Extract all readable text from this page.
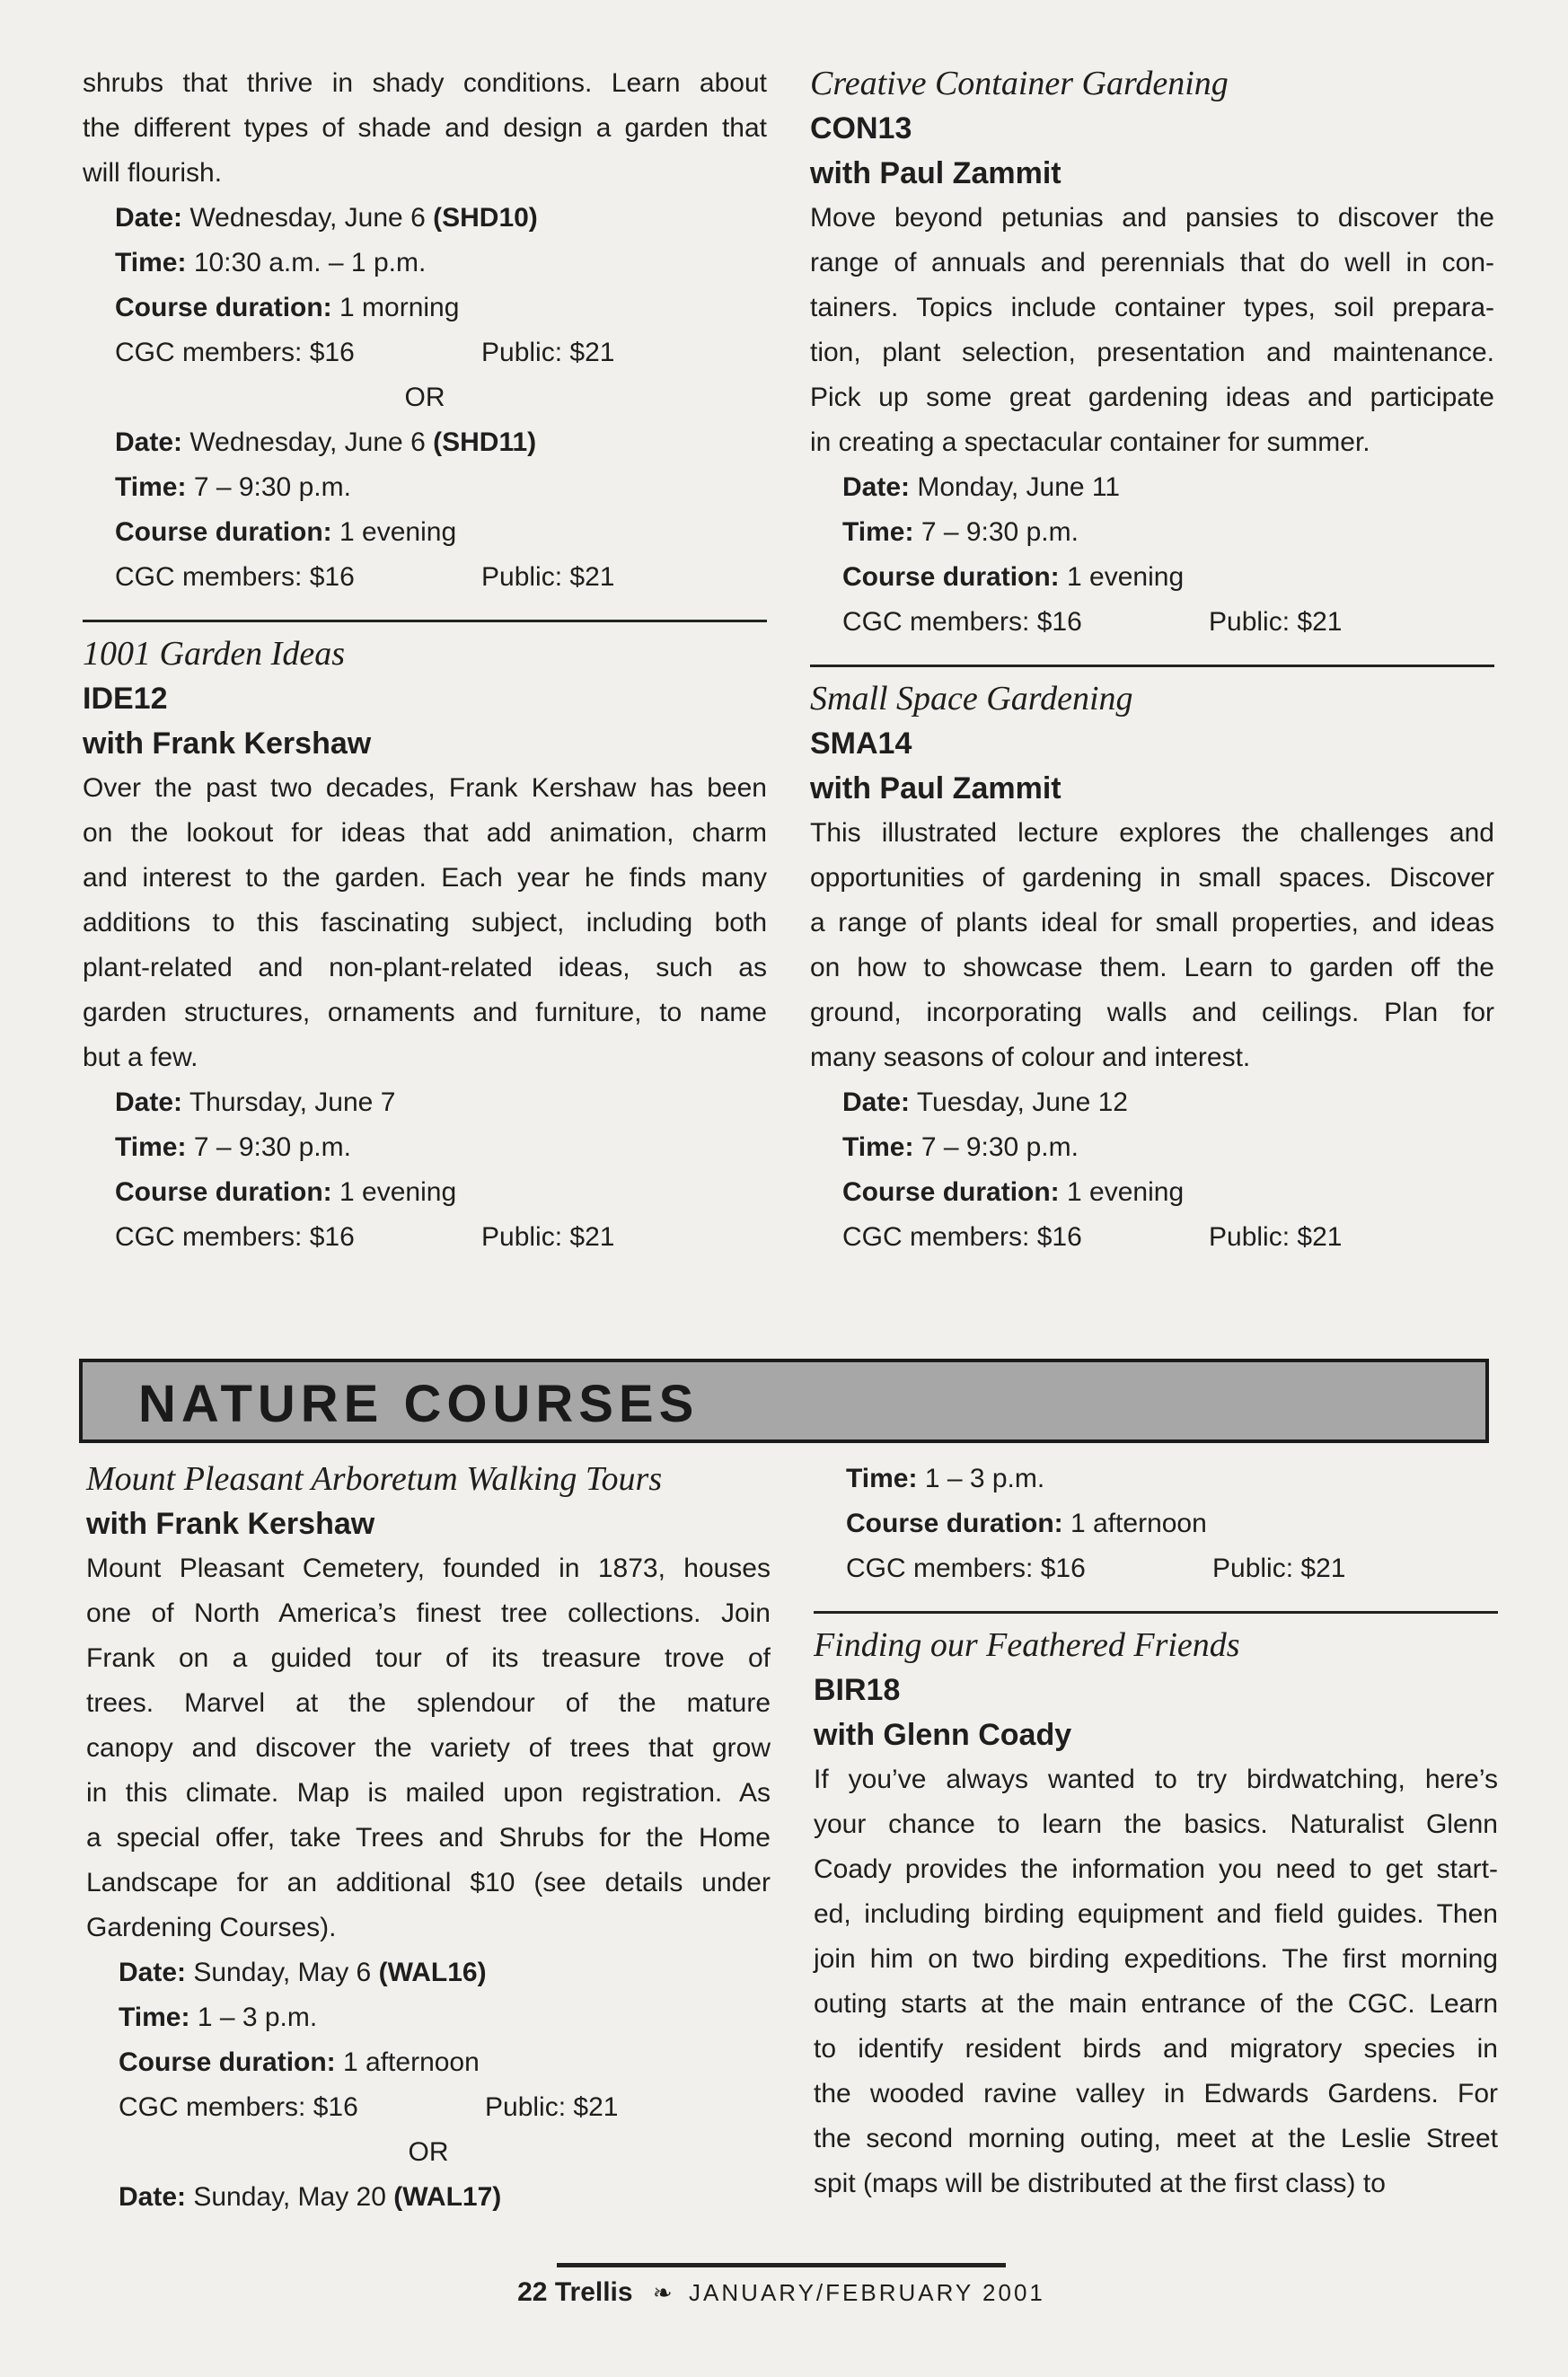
shrubs that thrive in shady conditions. Learn about
the different types of shade and design a garden that
will flourish.
Date: Wednesday, June 6 (SHD10)
Time: 10:30 a.m. – 1 p.m.
Course duration: 1 morning
CGC members: $16	Public: $21
OR
Date: Wednesday, June 6 (SHD11)
Time: 7 – 9:30 p.m.
Course duration: 1 evening
CGC members: $16	Public: $21
1001 Garden Ideas
IDE12
with Frank Kershaw
Over the past two decades, Frank Kershaw has been
on the lookout for ideas that add animation, charm
and interest to the garden. Each year he finds many
additions to this fascinating subject, including both
plant-related and non-plant-related ideas, such as
garden structures, ornaments and furniture, to name
but a few.
Date: Thursday, June 7
Time: 7 – 9:30 p.m.
Course duration: 1 evening
CGC members: $16	Public: $21
Creative Container Gardening
CON13
with Paul Zammit
Move beyond petunias and pansies to discover the
range of annuals and perennials that do well in con-
tainers. Topics include container types, soil prepara-
tion, plant selection, presentation and maintenance.
Pick up some great gardening ideas and participate
in creating a spectacular container for summer.
Date: Monday, June 11
Time: 7 – 9:30 p.m.
Course duration: 1 evening
CGC members: $16	Public: $21
Small Space Gardening
SMA14
with Paul Zammit
This illustrated lecture explores the challenges and
opportunities of gardening in small spaces. Discover
a range of plants ideal for small properties, and ideas
on how to showcase them. Learn to garden off the
ground, incorporating walls and ceilings. Plan for
many seasons of colour and interest.
Date: Tuesday, June 12
Time: 7 – 9:30 p.m.
Course duration: 1 evening
CGC members: $16	Public: $21
NATURE COURSES
Mount Pleasant Arboretum Walking Tours
with Frank Kershaw
Mount Pleasant Cemetery, founded in 1873, houses
one of North America’s finest tree collections. Join
Frank on a guided tour of its treasure trove of
trees. Marvel at the splendour of the mature
canopy and discover the variety of trees that grow
in this climate. Map is mailed upon registration. As
a special offer, take Trees and Shrubs for the Home
Landscape for an additional $10 (see details under
Gardening Courses).
Date: Sunday, May 6 (WAL16)
Time: 1 – 3 p.m.
Course duration: 1 afternoon
CGC members: $16	Public: $21
OR
Date: Sunday, May 20 (WAL17)
Time: 1 – 3 p.m.
Course duration: 1 afternoon
CGC members: $16	Public: $21
Finding our Feathered Friends
BIR18
with Glenn Coady
If you’ve always wanted to try birdwatching, here’s
your chance to learn the basics. Naturalist Glenn
Coady provides the information you need to get start-
ed, including birding equipment and field guides. Then
join him on two birding expeditions. The first morning
outing starts at the main entrance of the CGC. Learn
to identify resident birds and migratory species in
the wooded ravine valley in Edwards Gardens. For
the second morning outing, meet at the Leslie Street
spit (maps will be distributed at the first class) to
22 Trellis ❧ JANUARY/FEBRUARY 2001
